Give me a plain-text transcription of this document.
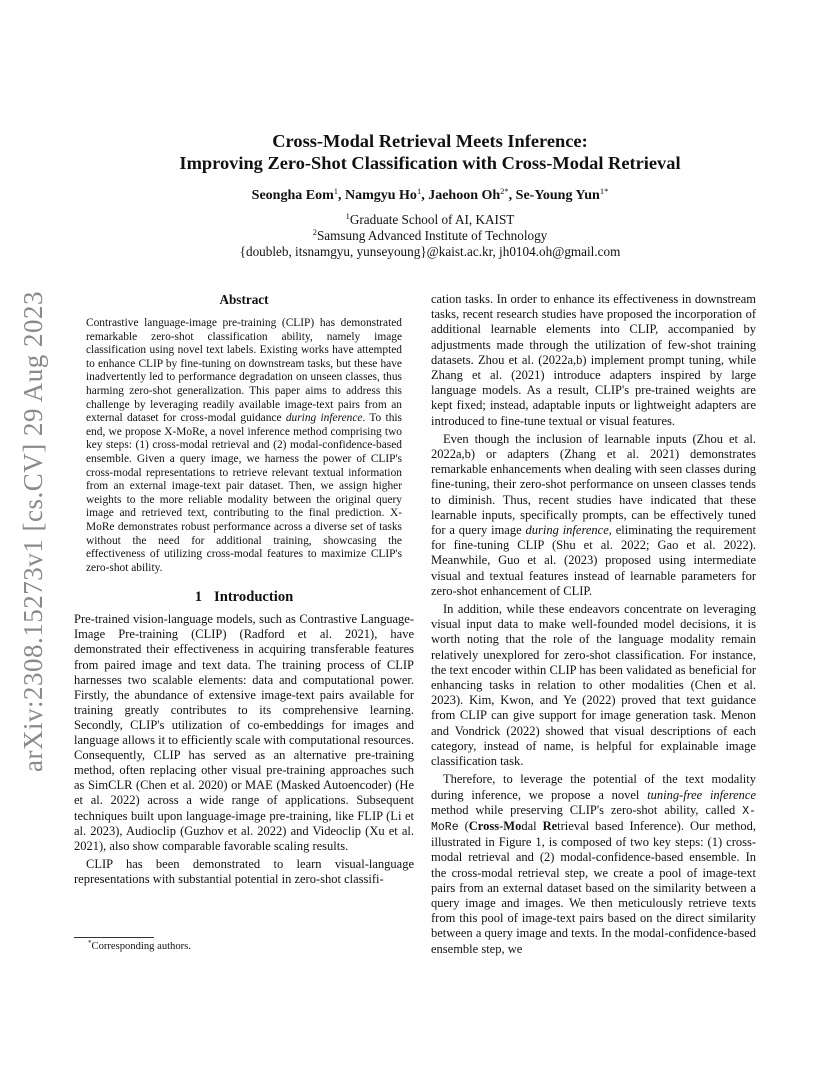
arXiv:2308.15273v1 [cs.CV] 29 Aug 2023
Cross-Modal Retrieval Meets Inference:
Improving Zero-Shot Classification with Cross-Modal Retrieval
Seongha Eom$^1$, Namgyu Ho$^1$, Jaehoon $Oh^{2*}$, Se-Young Yun$^{1*}$
$^1$Graduate School of AI, KAIST
$^2$Samsung Advanced Institute of Technology
{doubleb, itsnamgyu, yunseyoung}@kaist.ac.kr, jh0104.oh@gmail.com
Abstract

Contrastive language-image pre-training (CLIP) has demonstrated remarkable zero-shot classification ability, namely image classification using novel text labels. Existing works have attempted to enhance CLIP by fine-tuning on downstream tasks, but these have inadvertently led to performance degradation on unseen classes, thus harming zero-shot generalization. This paper aims to address this challenge by leveraging readily available image-text pairs from an external dataset for cross-modal guidance during inference. To this end, we propose X-MoRe, a novel inference method comprising two key steps: (1) cross-modal retrieval and (2) modal-confidence-based ensemble. Given a query image, we harness the power of CLIP's cross-modal representations to retrieve relevant textual information from an external image-text pair dataset. Then, we assign higher weights to the more reliable modality between the original query image and retrieved text, contributing to the final prediction. X-MoRe demonstrates robust performance across a diverse set of tasks without the need for additional training, showcasing the effectiveness of utilizing cross-modal features to maximize CLIP's zero-shot ability.

1 Introduction

Pre-trained vision-language models, such as Contrastive Language-Image Pre-training (CLIP) (Radford et al. 2021), have demonstrated their effectiveness in acquiring transferable features from paired image and text data. The training process of CLIP harnesses two scalable elements: data and computational power. Firstly, the abundance of extensive image-text pairs available for training greatly contributes to its comprehensive learning. Secondly, CLIP's utilization of co-embeddings for images and language allows it to efficiently scale with computational resources. Consequently, CLIP has served as an alternative pre-training method, often replacing other visual pre-training approaches such as SimCLR (Chen et al. 2020) or MAE (Masked Autoencoder) (He et al. 2022) across a wide range of applications. Subsequent techniques built upon language-image pre-training, like FLIP (Li et al. 2023), Audioclip (Guzhov et al. 2022) and Videoclip (Xu et al. 2021), also show comparable favorable scaling results.

CLIP has been demonstrated to learn visual-language representations with substantial potential in zero-shot classifi-

cation tasks. In order to enhance its effectiveness in downstream tasks, recent research studies have proposed the incorporation of additional learnable elements into CLIP, accompanied by adjustments made through the utilization of few-shot training datasets. Zhou et al. (2022a,b) implement prompt tuning, while Zhang et al. (2021) introduce adapters inspired by large language models. As a result, CLIP's pre-trained weights are kept fixed; instead, adaptable inputs or lightweight adapters are introduced to fine-tune textual or visual features.

Even though the inclusion of learnable inputs (Zhou et al. 2022a,b) or adapters (Zhang et al. 2021) demonstrates remarkable enhancements when dealing with seen classes during fine-tuning, their zero-shot performance on unseen classes tends to diminish. Thus, recent studies have indicated that these learnable inputs, specifically prompts, can be effectively tuned for a query image during inference, eliminating the requirement for fine-tuning CLIP (Shu et al. 2022; Gao et al. 2022). Meanwhile, Guo et al. (2023) proposed using intermediate visual and textual features instead of learnable parameters for zero-shot enhancement of CLIP.

In addition, while these endeavors concentrate on leveraging visual input data to make well-founded model decisions, it is worth noting that the role of the language modality remain relatively unexplored for zero-shot classification. For instance, the text encoder within CLIP has been validated as beneficial for enhancing tasks in relation to other modalities (Chen et al. 2023). Kim, Kwon, and Ye (2022) proved that text guidance from CLIP can give support for image generation task. Menon and Vondrick (2022) showed that visual descriptions of each category, instead of name, is helpful for explainable image classification task.

Therefore, to leverage the potential of the text modality during inference, we propose a novel tuning-free inference method while preserving CLIP's zero-shot ability, called X-MoRe (Cross-Modal Retrieval based Inference). Our method, illustrated in Figure 1, is composed of two key steps: (1) cross-modal retrieval and (2) modal-confidence-based ensemble. In the cross-modal retrieval step, we create a pool of image-text pairs from an external dataset based on the similarity between a query image and images. We then meticulously retrieve texts from this pool of image-text pairs based on the direct similarity between a query image and texts. In the modal-confidence-based ensemble step, we

*Corresponding authors.
